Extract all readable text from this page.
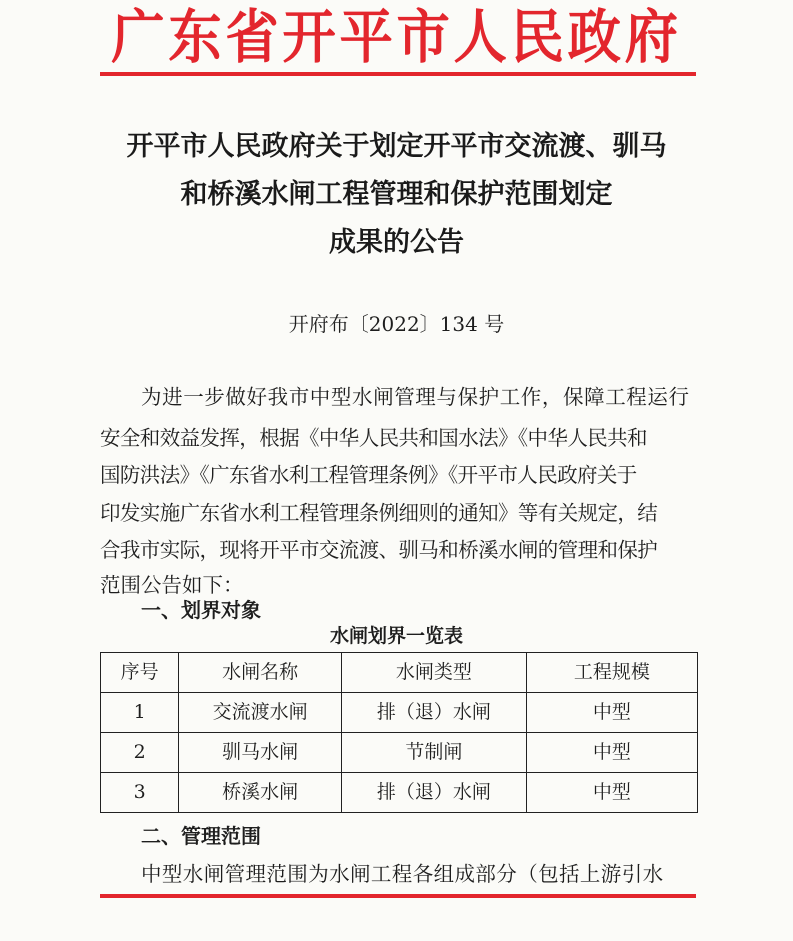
广东省开平市人民政府
开平市人民政府关于划定开平市交流渡、驯马
和桥溪水闸工程管理和保护范围划定
成果的公告
开府布〔2022〕134 号
为进一步做好我市中型水闸管理与保护工作，保障工程运行
安全和效益发挥，根据《中华人民共和国水法》《中华人民共和
国防洪法》《广东省水利工程管理条例》《开平市人民政府关于
印发实施广东省水利工程管理条例细则的通知》等有关规定，结
合我市实际，现将开平市交流渡、驯马和桥溪水闸的管理和保护
范围公告如下：
一、划界对象
水闸划界一览表
序号	水闸名称	水闸类型	工程规模
1	交流渡水闸	排（退）水闸	中型
2	驯马水闸	节制闸	中型
3	桥溪水闸	排（退）水闸	中型
二、管理范围
中型水闸管理范围为水闸工程各组成部分（包括上游引水
